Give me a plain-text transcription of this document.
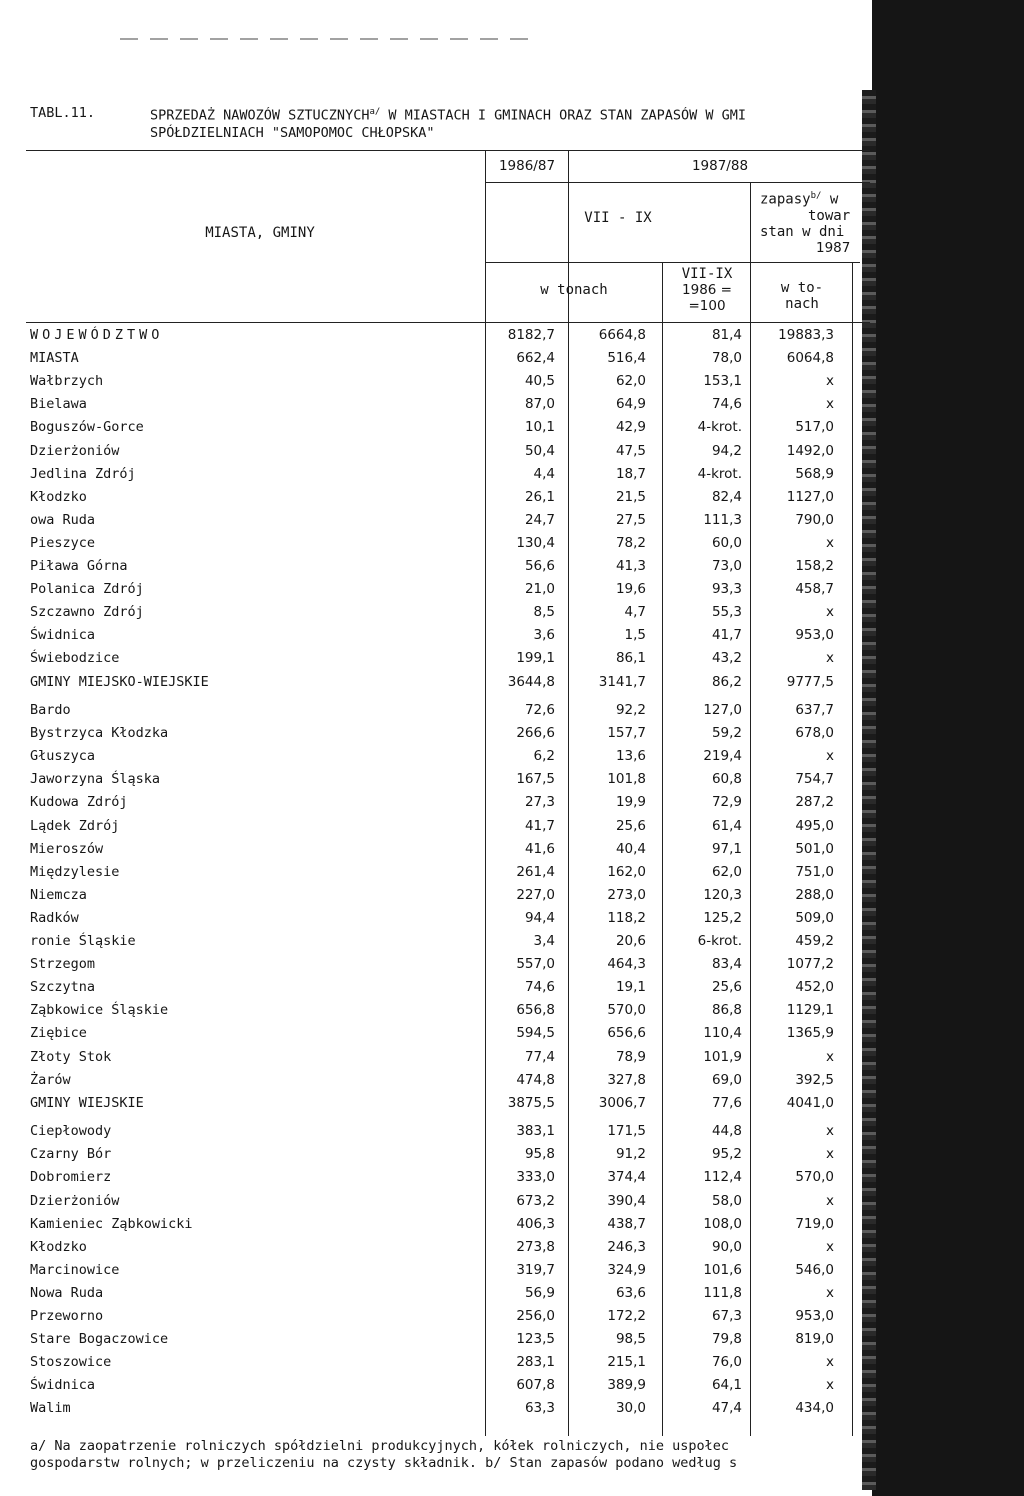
TABL.11.	SPRZEDAŻ NAWOZÓW $SZTUCZNYCH^{a/}$ W MIASTACH I GMINACH ORAZ STAN ZAPASÓW W GMI
SPÓŁDZIELNIACH "SAMOPOMOC CHŁOPSKA"
MIASTA, GMINY
1986/87	1987/88
VII - IX
zapasy$^{b/}$ w
towar
stan w dni
1987
w tonach
VII-IX
1986 =
=100
w to-
nach
WOJEWÓDZTWO	8182,7	6664,8	81,4	19883,3
MIASTA	662,4	516,4	78,0	6064,8
Wałbrzych	40,5	62,0	153,1	x
Bielawa	87,0	64,9	74,6	x
Boguszów-Gorce	10,1	42,9	4-krot.	517,0
Dzierżoniów	50,4	47,5	94,2	1492,0
Jedlina Zdrój	4,4	18,7	4-krot.	568,9
Kłodzko	26,1	21,5	82,4	1127,0
owa Ruda	24,7	27,5	111,3	790,0
Pieszyce	130,4	78,2	60,0	x
Piława Górna	56,6	41,3	73,0	158,2
Polanica Zdrój	21,0	19,6	93,3	458,7
Szczawno Zdrój	8,5	4,7	55,3	x
Świdnica	3,6	1,5	41,7	953,0
Świebodzice	199,1	86,1	43,2	x
GMINY MIEJSKO-WIEJSKIE	3644,8	3141,7	86,2	9777,5
Bardo	72,6	92,2	127,0	637,7
Bystrzyca Kłodzka	266,6	157,7	59,2	678,0
Głuszyca	6,2	13,6	219,4	x
Jaworzyna Śląska	167,5	101,8	60,8	754,7
Kudowa Zdrój	27,3	19,9	72,9	287,2
Lądek Zdrój	41,7	25,6	61,4	495,0
Mieroszów	41,6	40,4	97,1	501,0
Międzylesie	261,4	162,0	62,0	751,0
Niemcza	227,0	273,0	120,3	288,0
Radków	94,4	118,2	125,2	509,0
ronie Śląskie	3,4	20,6	6-krot.	459,2
Strzegom	557,0	464,3	83,4	1077,2
Szczytna	74,6	19,1	25,6	452,0
Ząbkowice Śląskie	656,8	570,0	86,8	1129,1
Ziębice	594,5	656,6	110,4	1365,9
Złoty Stok	77,4	78,9	101,9	x
Żarów	474,8	327,8	69,0	392,5
GMINY WIEJSKIE	3875,5	3006,7	77,6	4041,0
Ciepłowody	383,1	171,5	44,8	x
Czarny Bór	95,8	91,2	95,2	x
Dobromierz	333,0	374,4	112,4	570,0
Dzierżoniów	673,2	390,4	58,0	x
Kamieniec Ząbkowicki	406,3	438,7	108,0	719,0
Kłodzko	273,8	246,3	90,0	x
Marcinowice	319,7	324,9	101,6	546,0
Nowa Ruda	56,9	63,6	111,8	x
Przeworno	256,0	172,2	67,3	953,0
Stare Bogaczowice	123,5	98,5	79,8	819,0
Stoszowice	283,1	215,1	76,0	x
Świdnica	607,8	389,9	64,1	x
Walim	63,3	30,0	47,4	434,0
a/ Na zaopatrzenie rolniczych spółdzielni produkcyjnych, kółek rolniczych, nie uspołec
gospodarstw rolnych; w przeliczeniu na czysty składnik. b/ Stan zapasów podano według s
